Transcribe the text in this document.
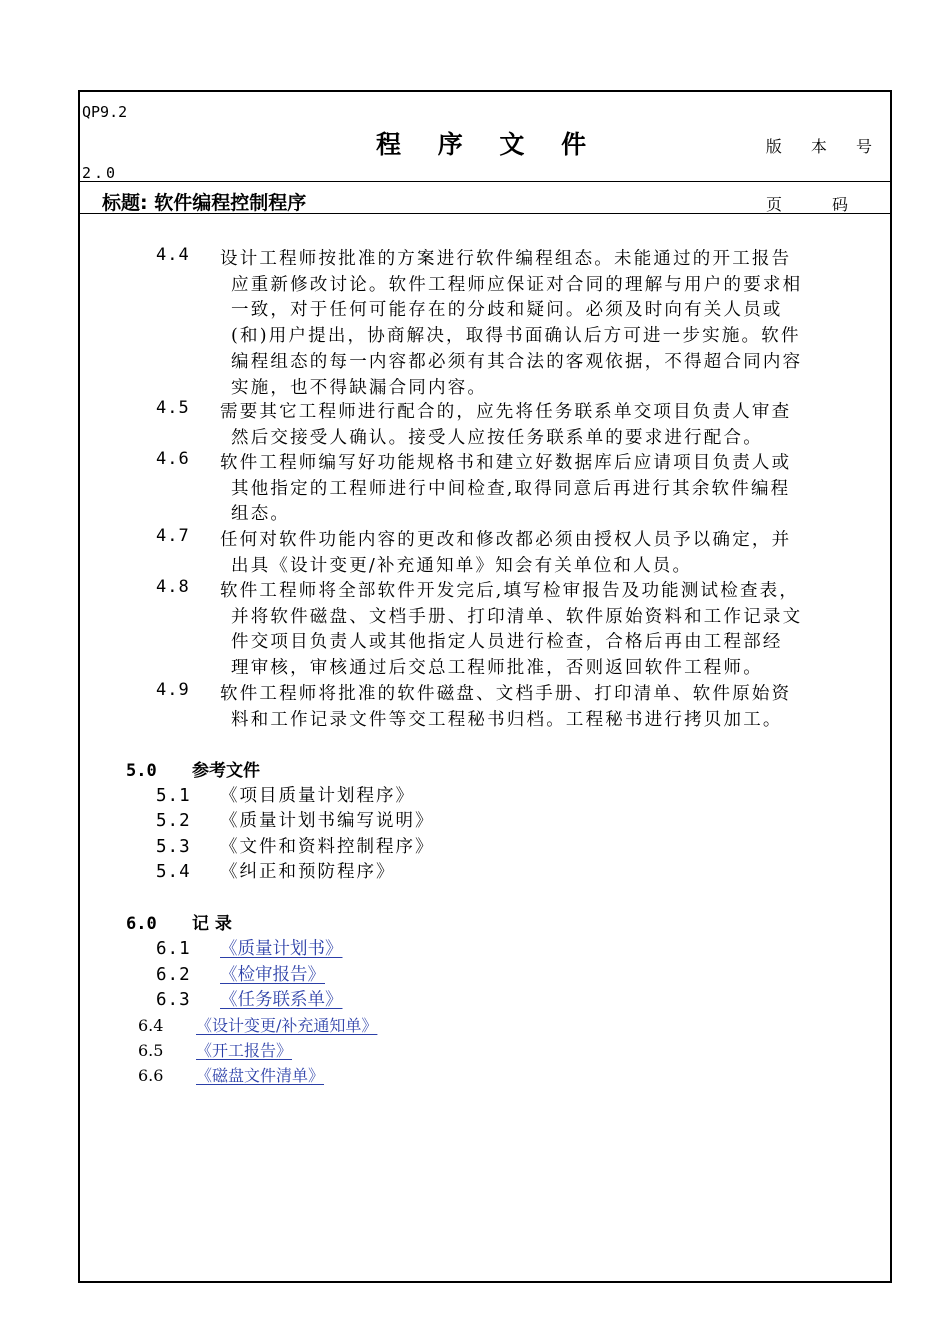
QP9.2
程 序 文 件	版 本 号
2.0
标题: 软件编程控制程序	页	码
4.4 设计工程师按批准的方案进行软件编程组态。未能通过的开工报告
应重新修改讨论。软件工程师应保证对合同的理解与用户的要求相
一致，对于任何可能存在的分歧和疑问。必须及时向有关人员或
(和)用户提出，协商解决，取得书面确认后方可进一步实施。软件
编程组态的每一内容都必须有其合法的客观依据，不得超合同内容
实施，也不得缺漏合同内容。
4.5 需要其它工程师进行配合的，应先将任务联系单交项目负责人审查
然后交接受人确认。接受人应按任务联系单的要求进行配合。
4.6 软件工程师编写好功能规格书和建立好数据库后应请项目负责人或
其他指定的工程师进行中间检查,取得同意后再进行其余软件编程
组态。
4.7 任何对软件功能内容的更改和修改都必须由授权人员予以确定，并
出具《设计变更/补充通知单》知会有关单位和人员。
4.8 软件工程师将全部软件开发完后,填写检审报告及功能测试检查表，
并将软件磁盘、文档手册、打印清单、软件原始资料和工作记录文
件交项目负责人或其他指定人员进行检查，合格后再由工程部经
理审核，审核通过后交总工程师批准，否则返回软件工程师。
4.9 软件工程师将批准的软件磁盘、文档手册、打印清单、软件原始资
料和工作记录文件等交工程秘书归档。工程秘书进行拷贝加工。
5.0 参考文件
5.1 《项目质量计划程序》
5.2 《质量计划书编写说明》
5.3 《文件和资料控制程序》
5.4 《纠正和预防程序》
6.0 记 录
6.1 《质量计划书》
6.2 《检审报告》
6.3 《任务联系单》
6.4 《设计变更/补充通知单》
6.5 《开工报告》
6.6 《磁盘文件清单》
